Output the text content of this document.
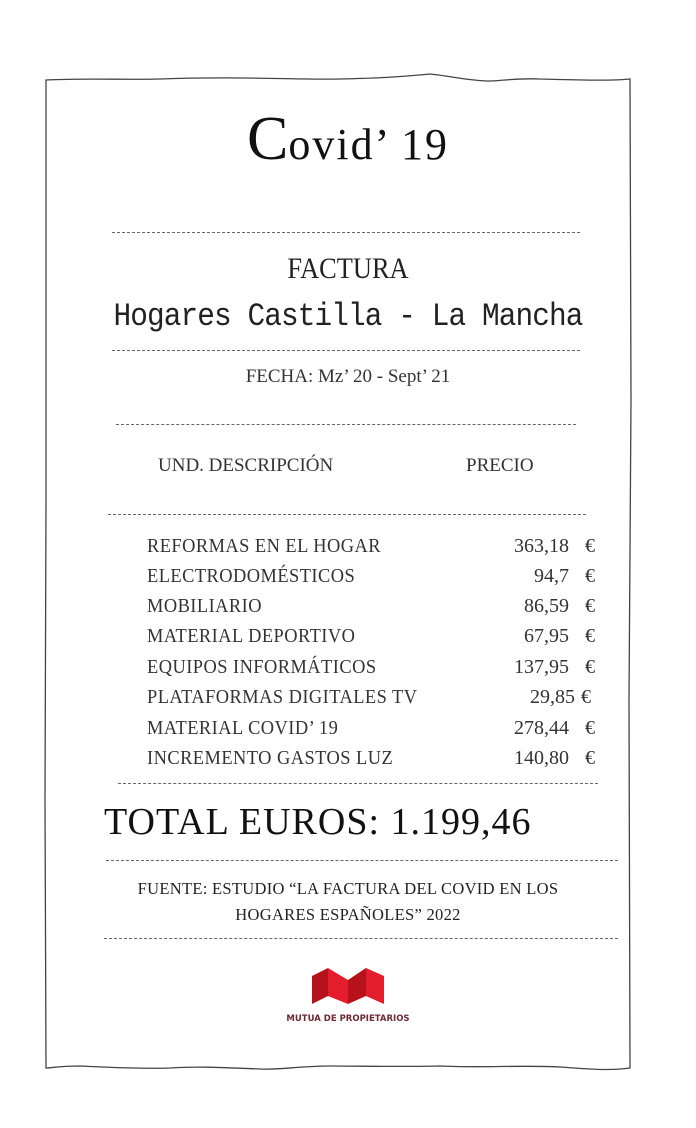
Covid’ 19
FACTURA
Hogares Castilla - La Mancha
FECHA: Mz’ 20 - Sept’ 21
UND. DESCRIPCIÓN	PRECIO
REFORMAS EN EL HOGAR	363,18 €
ELECTRODOMÉSTICOS	94,7 €
MOBILIARIO	86,59 €
MATERIAL DEPORTIVO	67,95 €
EQUIPOS INFORMÁTICOS	137,95 €
PLATAFORMAS DIGITALES TV	29,85 €
MATERIAL COVID’ 19	278,44 €
INCREMENTO GASTOS LUZ	140,80 €
TOTAL EUROS: 1.199,46
FUENTE: ESTUDIO “LA FACTURA DEL COVID EN LOS
HOGARES ESPAÑOLES” 2022
MUTUA DE PROPIETARIOS
